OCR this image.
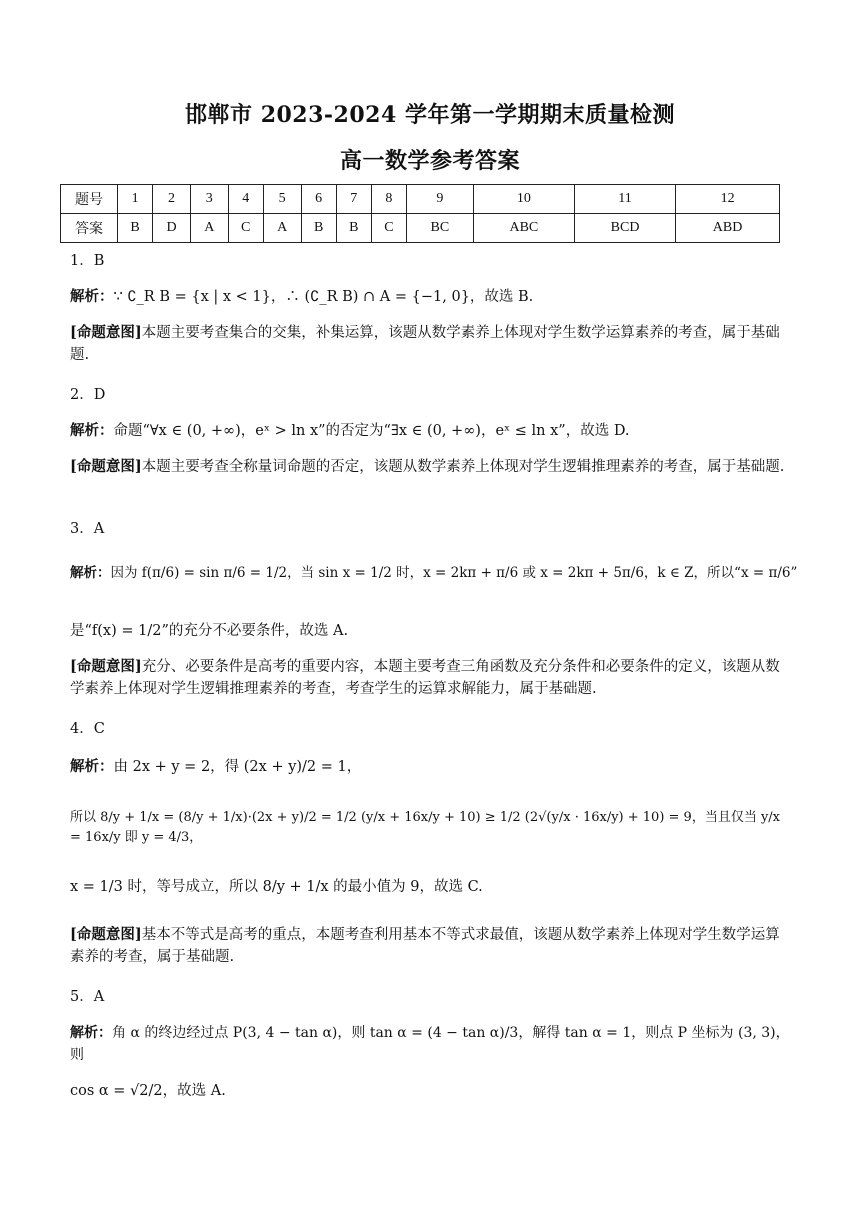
邯郸市 2023-2024 学年第一学期期末质量检测
高一数学参考答案
题号	1	2	3	4	5	6	7	8	9	10	11	12
答案	B	D	A	C	A	B	B	C	BC	ABC	BCD	ABD
1．B
解析：∵ ∁_R B = {x | x < 1}，∴ (∁_R B) ∩ A = {−1, 0}，故选 B.
[命题意图]本题主要考查集合的交集，补集运算，该题从数学素养上体现对学生数学运算素养的考查，属于基础题.
2．D
解析：命题“∀x ∈ (0, +∞)，eˣ > ln x”的否定为“∃x ∈ (0, +∞)，eˣ ≤ ln x”，故选 D.
[命题意图]本题主要考查全称量词命题的否定，该题从数学素养上体现对学生逻辑推理素养的考查，属于基础题.
3．A
解析：因为 f(π/6) = sin π/6 = 1/2，当 sin x = 1/2 时，x = 2kπ + π/6 或 x = 2kπ + 5π/6，k ∈ Z，所以“x = π/6”
是“f(x) = 1/2”的充分不必要条件，故选 A.
[命题意图]充分、必要条件是高考的重要内容，本题主要考查三角函数及充分条件和必要条件的定义，该题从数学素养上体现对学生逻辑推理素养的考查，考查学生的运算求解能力，属于基础题.
4．C
解析：由 2x + y = 2，得 (2x + y)/2 = 1，
所以 8/y + 1/x = (8/y + 1/x)·(2x + y)/2 = 1/2 (y/x + 16x/y + 10) ≥ 1/2 (2√(y/x · 16x/y) + 10) = 9，当且仅当 y/x = 16x/y 即 y = 4/3，
x = 1/3 时，等号成立，所以 8/y + 1/x 的最小值为 9，故选 C.
[命题意图]基本不等式是高考的重点，本题考查利用基本不等式求最值，该题从数学素养上体现对学生数学运算素养的考查，属于基础题.
5．A
解析：角 α 的终边经过点 P(3, 4 − tan α)，则 tan α = (4 − tan α)/3，解得 tan α = 1，则点 P 坐标为 (3, 3)，则
cos α = √2/2，故选 A.
